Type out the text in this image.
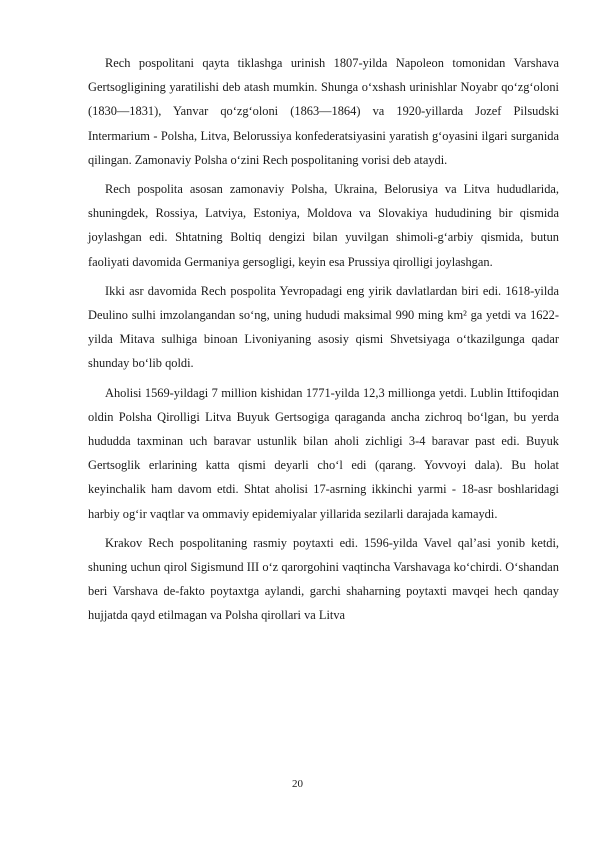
Rech pospolitani qayta tiklashga urinish 1807-yilda Napoleon tomonidan Varshava Gertsogligining yaratilishi deb atash mumkin. Shunga oʻxshash urinishlar Noyabr qoʻzgʻoloni (1830—1831), Yanvar qoʻzgʻoloni (1863—1864) va 1920-yillarda Jozef Pilsudski Intermarium - Polsha, Litva, Belorussiya konfederatsiyasini yaratish gʻoyasini ilgari surganida qilingan. Zamonaviy Polsha oʻzini Rech pospolitaning vorisi deb ataydi.

Rech pospolita asosan zamonaviy Polsha, Ukraina, Belorusiya va Litva hududlarida, shuningdek, Rossiya, Latviya, Estoniya, Moldova va Slovakiya hududining bir qismida joylashgan edi. Shtatning Boltiq dengizi bilan yuvilgan shimoli-gʻarbiy qismida, butun faoliyati davomida Germaniya gersogligi, keyin esa Prussiya qirolligi joylashgan.

Ikki asr davomida Rech pospolita Yevropadagi eng yirik davlatlardan biri edi. 1618-yilda Deulino sulhi imzolangandan soʻng, uning hududi maksimal 990 ming km² ga yetdi va 1622-yilda Mitava sulhiga binoan Livoniyaning asosiy qismi Shvetsiyaga oʻtkazilgunga qadar shunday boʻlib qoldi.

Aholisi 1569-yildagi 7 million kishidan 1771-yilda 12,3 millionga yetdi. Lublin Ittifoqidan oldin Polsha Qirolligi Litva Buyuk Gertsogiga qaraganda ancha zichroq boʻlgan, bu yerda hududda taxminan uch baravar ustunlik bilan aholi zichligi 3-4 baravar past edi. Buyuk Gertsoglik erlarining katta qismi deyarli choʻl edi (qarang. Yovvoyi dala). Bu holat keyinchalik ham davom etdi. Shtat aholisi 17-asrning ikkinchi yarmi - 18-asr boshlaridagi harbiy ogʻir vaqtlar va ommaviy epidemiyalar yillarida sezilarli darajada kamaydi.

Krakov Rech pospolitaning rasmiy poytaxti edi. 1596-yilda Vavel qalʼasi yonib ketdi, shuning uchun qirol Sigismund III oʻz qarorgohini vaqtincha Varshavaga koʻchirdi. Oʻshandan beri Varshava de-fakto poytaxtga aylandi, garchi shaharning poytaxti mavqei hech qanday hujjatda qayd etilmagan va Polsha qirollari va Litva

20
